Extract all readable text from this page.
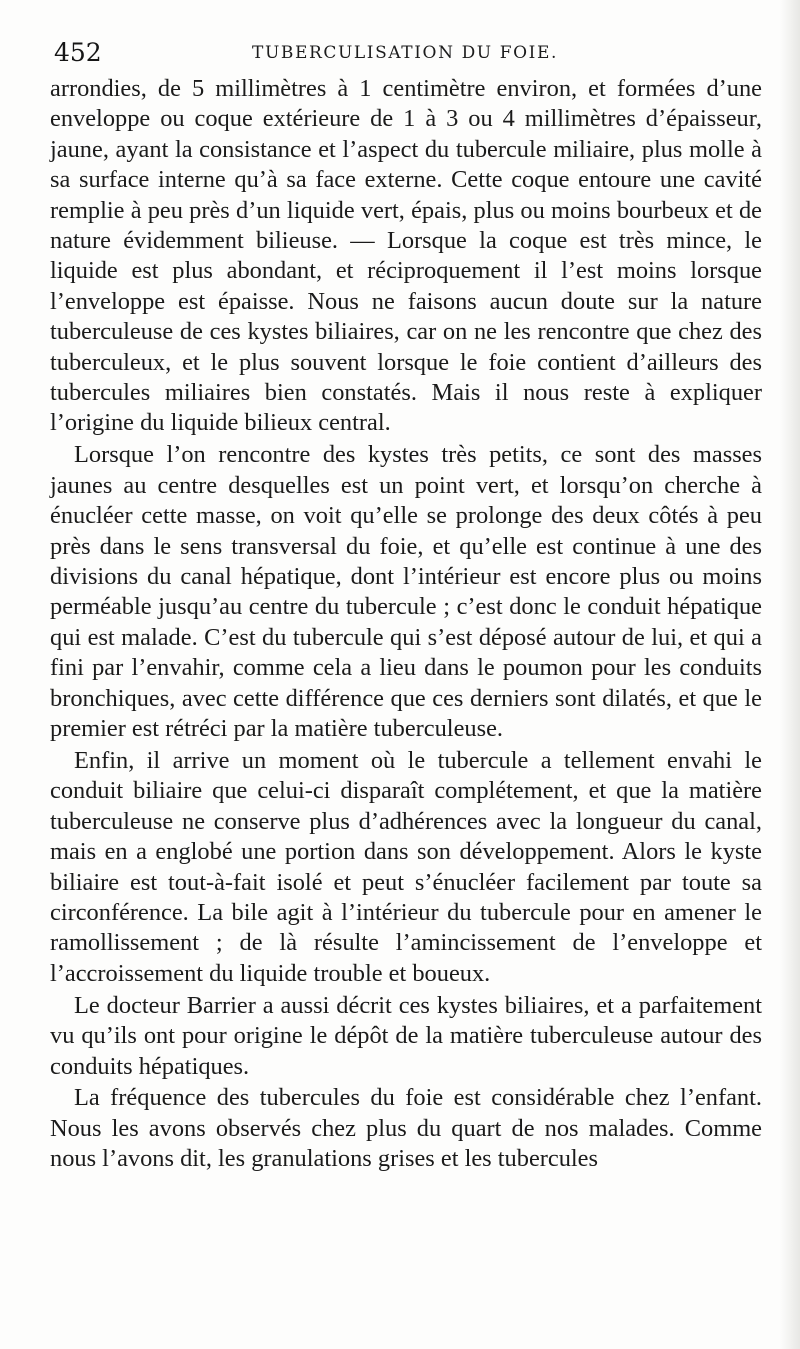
452	TUBERCULISATION DU FOIE.

arrondies, de 5 millimètres à 1 centimètre environ, et formées d’une enveloppe ou coque extérieure de 1 à 3 ou 4 millimètres d’épaisseur, jaune, ayant la consistance et l’aspect du tubercule miliaire, plus molle à sa surface interne qu’à sa face externe. Cette coque entoure une cavité remplie à peu près d’un liquide vert, épais, plus ou moins bourbeux et de nature évidemment bilieuse. — Lorsque la coque est très mince, le liquide est plus abondant, et réciproquement il l’est moins lorsque l’enveloppe est épaisse. Nous ne faisons aucun doute sur la nature tuberculeuse de ces kystes biliaires, car on ne les rencontre que chez des tuberculeux, et le plus souvent lorsque le foie contient d’ailleurs des tubercules miliaires bien constatés. Mais il nous reste à expliquer l’origine du liquide bilieux central.

Lorsque l’on rencontre des kystes très petits, ce sont des masses jaunes au centre desquelles est un point vert, et lorsqu’on cherche à énucléer cette masse, on voit qu’elle se prolonge des deux côtés à peu près dans le sens transversal du foie, et qu’elle est continue à une des divisions du canal hépatique, dont l’intérieur est encore plus ou moins perméable jusqu’au centre du tubercule ; c’est donc le conduit hépatique qui est malade. C’est du tubercule qui s’est déposé autour de lui, et qui a fini par l’envahir, comme cela a lieu dans le poumon pour les conduits bronchiques, avec cette différence que ces derniers sont dilatés, et que le premier est rétréci par la matière tuberculeuse.

Enfin, il arrive un moment où le tubercule a tellement envahi le conduit biliaire que celui-ci disparaît complétement, et que la matière tuberculeuse ne conserve plus d’adhérences avec la longueur du canal, mais en a englobé une portion dans son développement. Alors le kyste biliaire est tout-à-fait isolé et peut s’énucléer facilement par toute sa circonférence. La bile agit à l’intérieur du tubercule pour en amener le ramollissement ; de là résulte l’amincissement de l’enveloppe et l’accroissement du liquide trouble et boueux.

Le docteur Barrier a aussi décrit ces kystes biliaires, et a parfaitement vu qu’ils ont pour origine le dépôt de la matière tuberculeuse autour des conduits hépatiques.

La fréquence des tubercules du foie est considérable chez l’enfant. Nous les avons observés chez plus du quart de nos malades. Comme nous l’avons dit, les granulations grises et les tubercules
